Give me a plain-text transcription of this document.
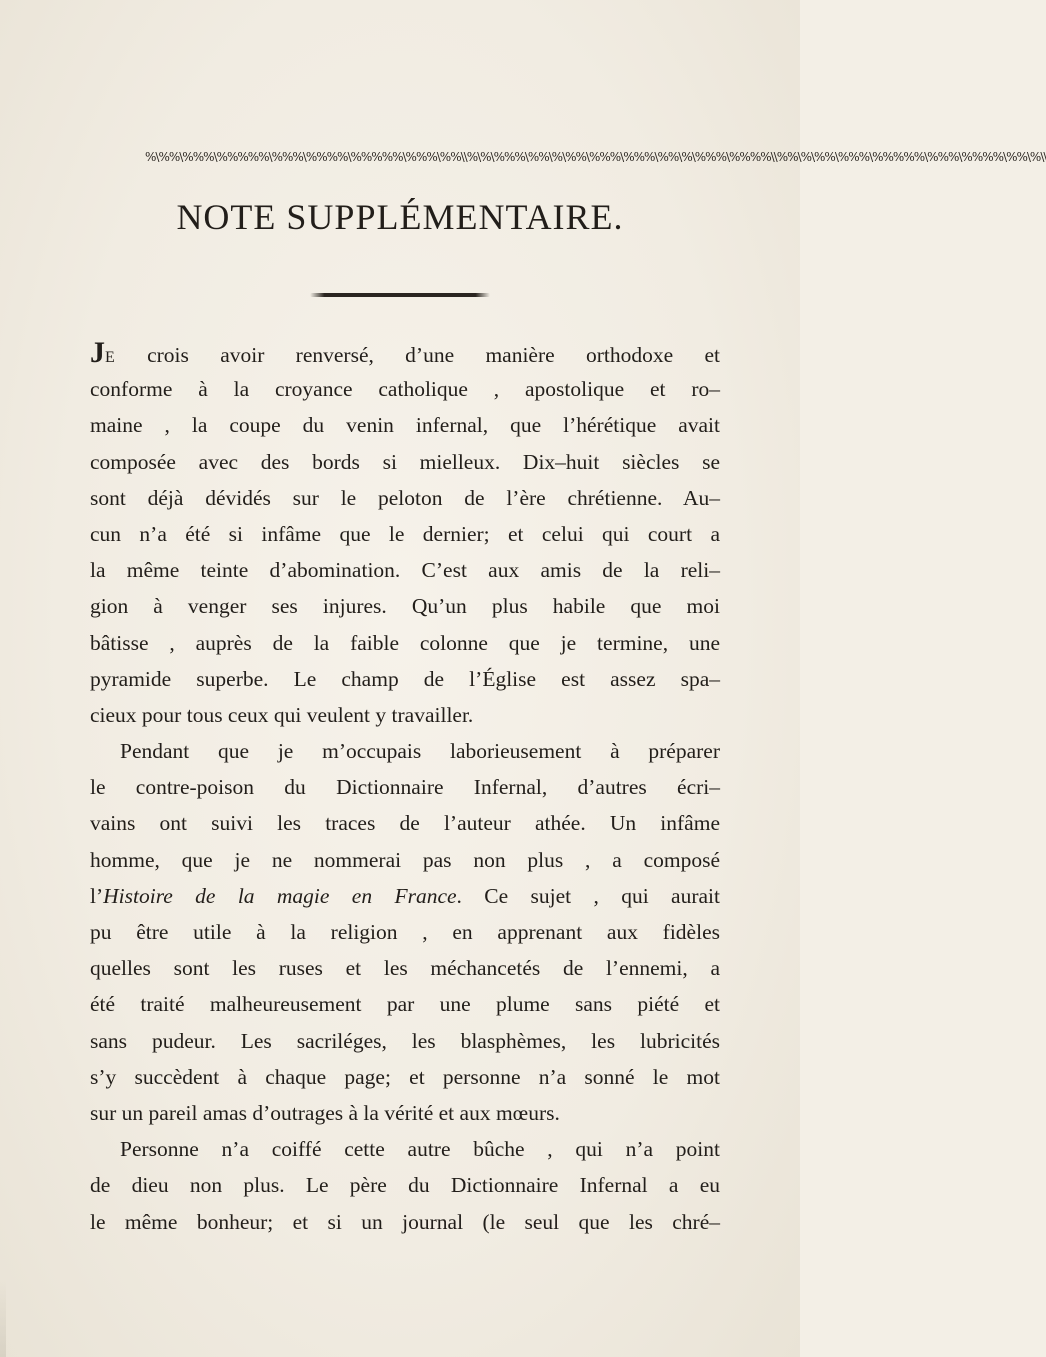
%\%%\%%%\%%%%%\%%%\%%%%\%%%%%\%%%\%%\\%\%\%%%\%%\%\%%\%%%\%%%\%%\%\%%%\%%%%\\%%\%\%%\%%%\%%%%%\%%%\%%%%\%%\%\\
NOTE SUPPLÉMENTAIRE.
JE crois avoir renversé, d’une manière orthodoxe et
conforme à la croyance catholique , apostolique et ro–
maine , la coupe du venin infernal, que l’hérétique avait
composée avec des bords si mielleux. Dix–huit siècles se
sont déjà dévidés sur le peloton de l’ère chrétienne. Au–
cun n’a été si infâme que le dernier; et celui qui court a
la même teinte d’abomination. C’est aux amis de la reli–
gion à venger ses injures. Qu’un plus habile que moi
bâtisse , auprès de la faible colonne que je termine, une
pyramide superbe. Le champ de l’Église est assez spa–
cieux pour tous ceux qui veulent y travailler.
Pendant que je m’occupais laborieusement à préparer
le contre-poison du Dictionnaire Infernal, d’autres écri–
vains ont suivi les traces de l’auteur athée. Un infâme
homme, que je ne nommerai pas non plus , a composé
l’Histoire de la magie en France. Ce sujet , qui aurait
pu être utile à la religion , en apprenant aux fidèles
quelles sont les ruses et les méchancetés de l’ennemi, a
été traité malheureusement par une plume sans piété et
sans pudeur. Les sacriléges, les blasphèmes, les lubricités
s’y succèdent à chaque page; et personne n’a sonné le mot
sur un pareil amas d’outrages à la vérité et aux mœurs.
Personne n’a coiffé cette autre bûche , qui n’a point
de dieu non plus. Le père du Dictionnaire Infernal a eu
le même bonheur; et si un journal (le seul que les chré–
